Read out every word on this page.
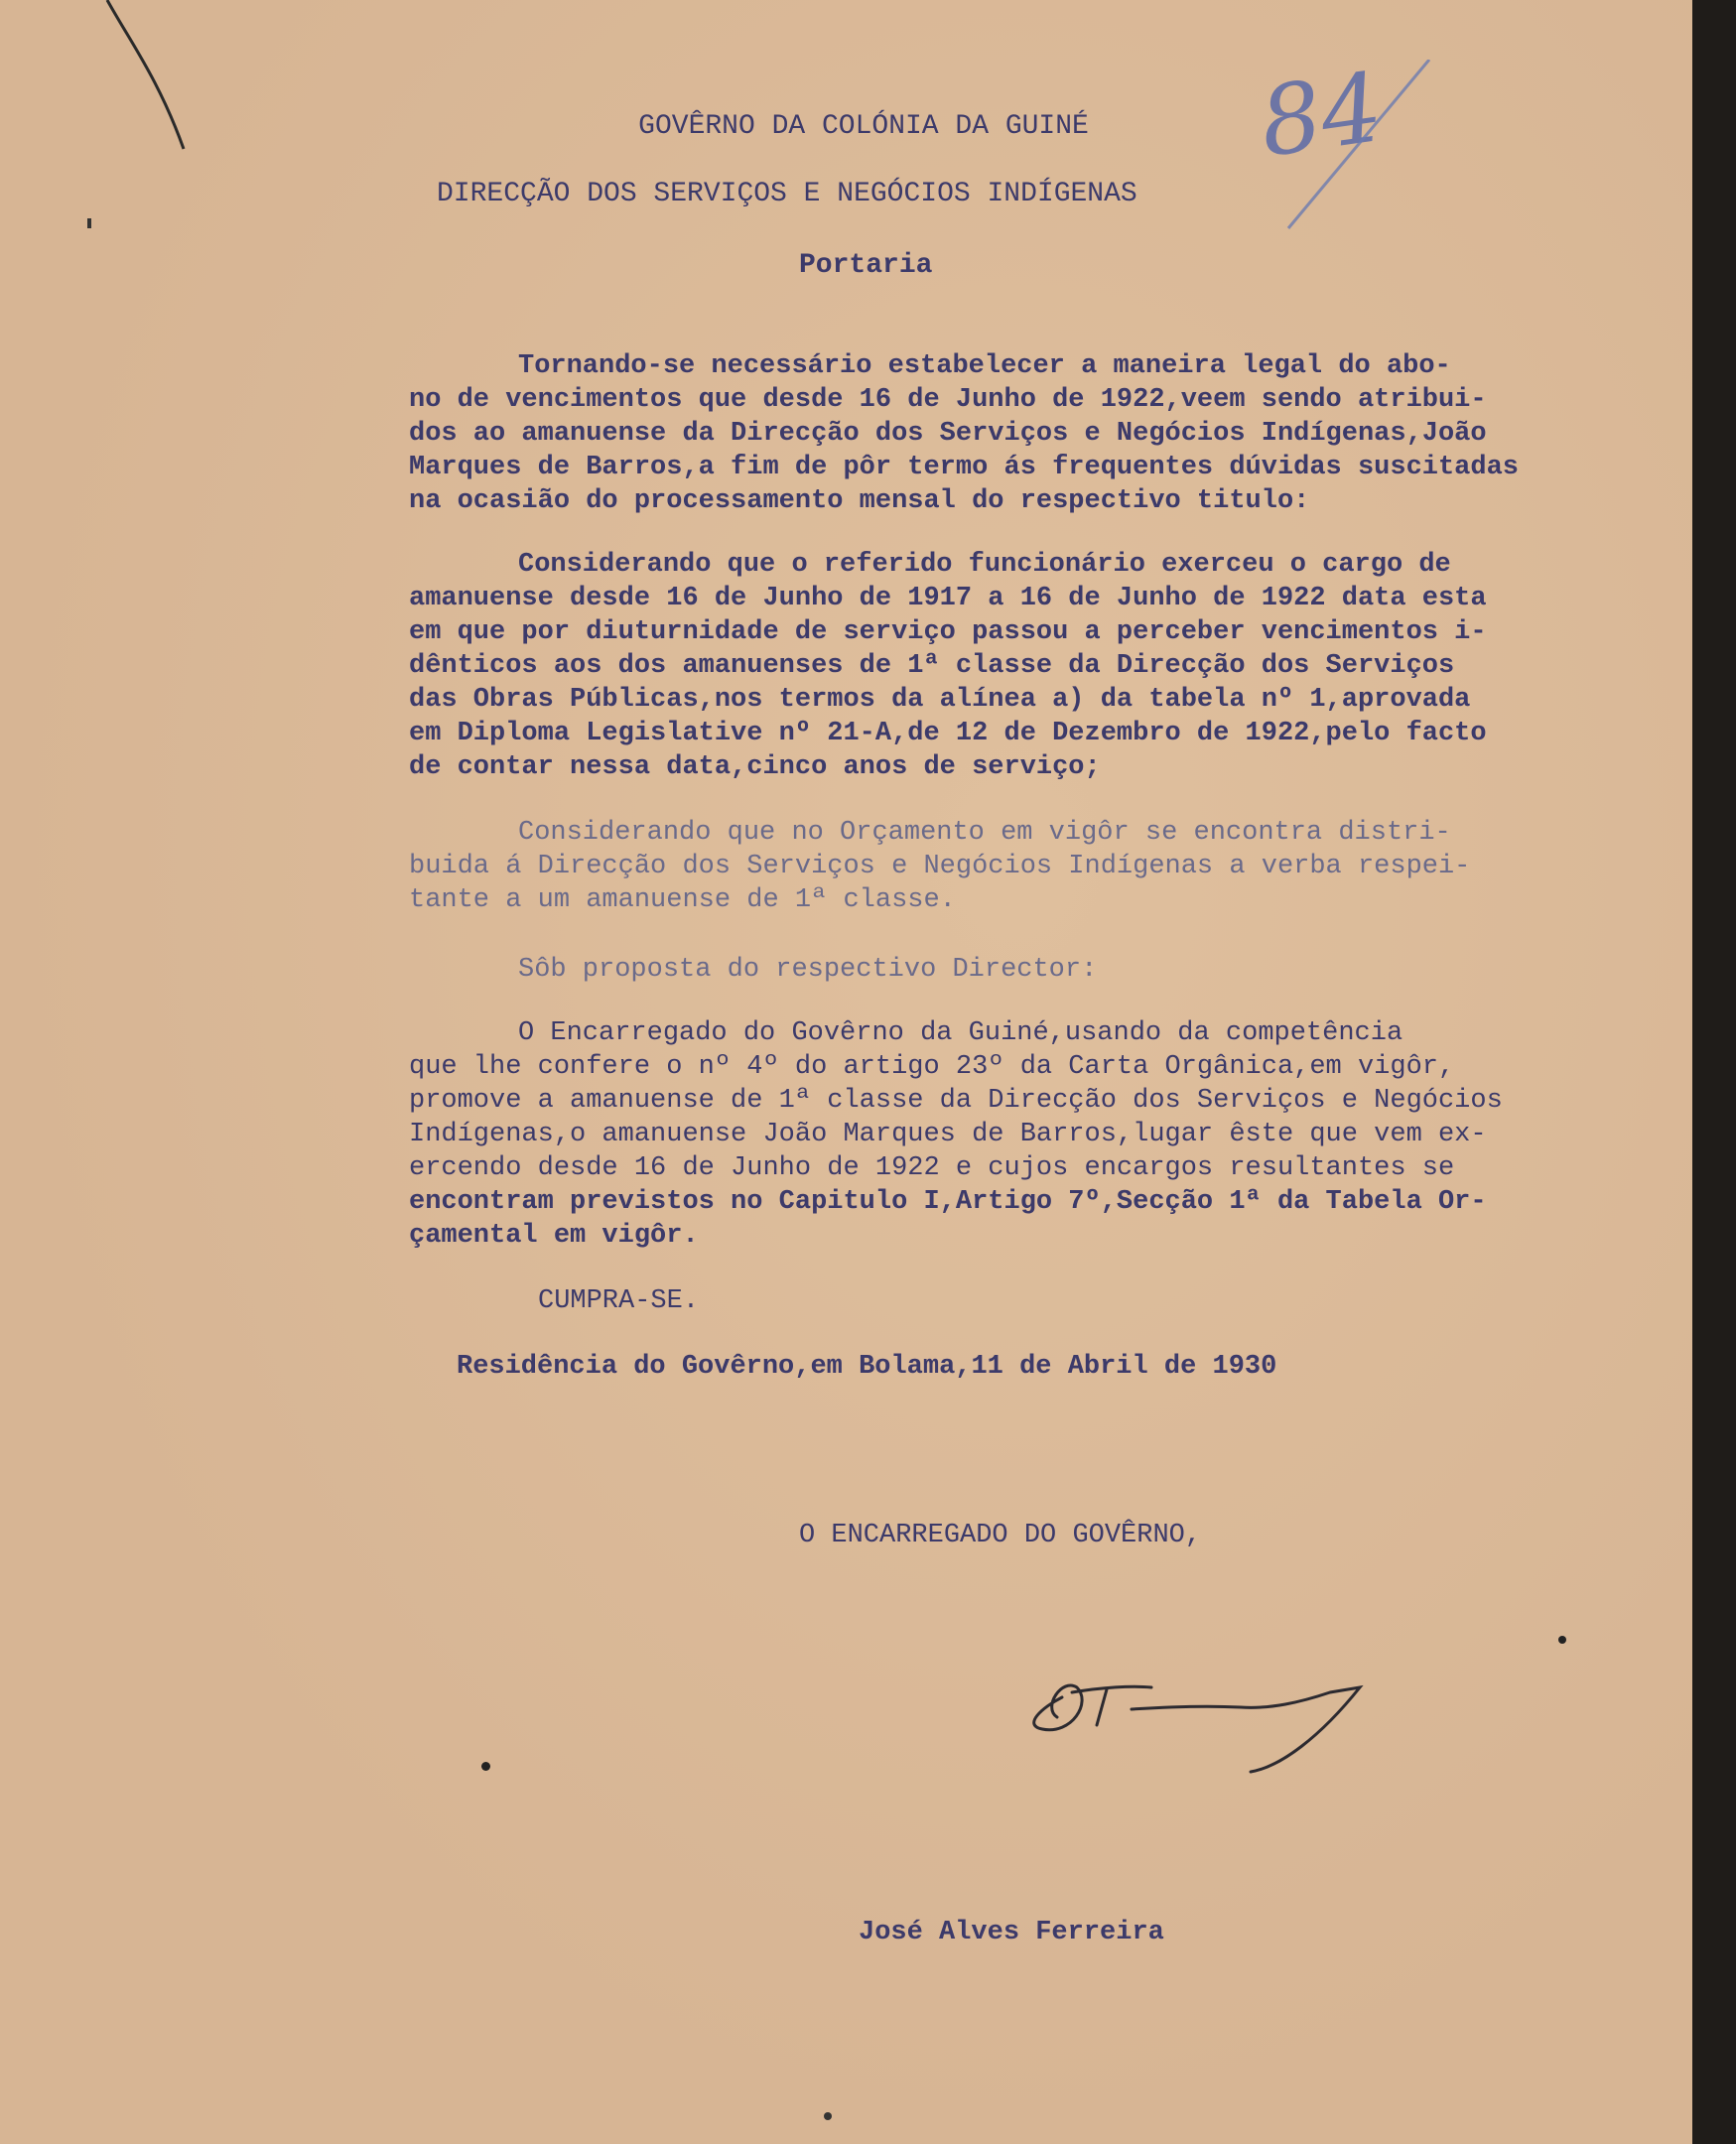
84
GOVÊRNO DA COLÓNIA DA GUINÉ
DIRECÇÃO DOS SERVIÇOS E NEGÓCIOS INDÍGENAS
Portaria
Tornando-se necessário estabelecer a maneira legal do abo-
no de vencimentos que desde 16 de Junho de 1922,veem sendo atribui-
dos ao amanuense da Direcção dos Serviços e Negócios Indígenas,João
Marques de Barros,a fim de pôr termo ás frequentes dúvidas suscitadas
na ocasião do processamento mensal do respectivo titulo:
Considerando que o referido funcionário exerceu o cargo de
amanuense desde 16 de Junho de 1917 a 16 de Junho de 1922 data esta
em que por diuturnidade de serviço passou a perceber vencimentos i-
dênticos aos dos amanuenses de 1ª classe da Direcção dos Serviços
das Obras Públicas,nos termos da alínea a) da tabela nº 1,aprovada
em Diploma Legislative nº 21-A,de 12 de Dezembro de 1922,pelo facto
de contar nessa data,cinco anos de serviço;
Considerando que no Orçamento em vigôr se encontra distri-
buida á Direcção dos Serviços e Negócios Indígenas a verba respei-
tante a um amanuense de 1ª classe.
Sôb proposta do respectivo Director:
O Encarregado do Govêrno da Guiné,usando da competência
que lhe confere o nº 4º do artigo 23º da Carta Orgânica,em vigôr,
promove a amanuense de 1ª classe da Direcção dos Serviços e Negócios
Indígenas,o amanuense João Marques de Barros,lugar êste que vem ex-
ercendo desde 16 de Junho de 1922 e cujos encargos resultantes se
encontram previstos no Capitulo I,Artigo 7º,Secção 1ª da Tabela Or-
çamental em vigôr.
CUMPRA-SE.
Residência do Govêrno,em Bolama,11 de Abril de 1930
O ENCARREGADO DO GOVÊRNO,
José Alves Ferreira
